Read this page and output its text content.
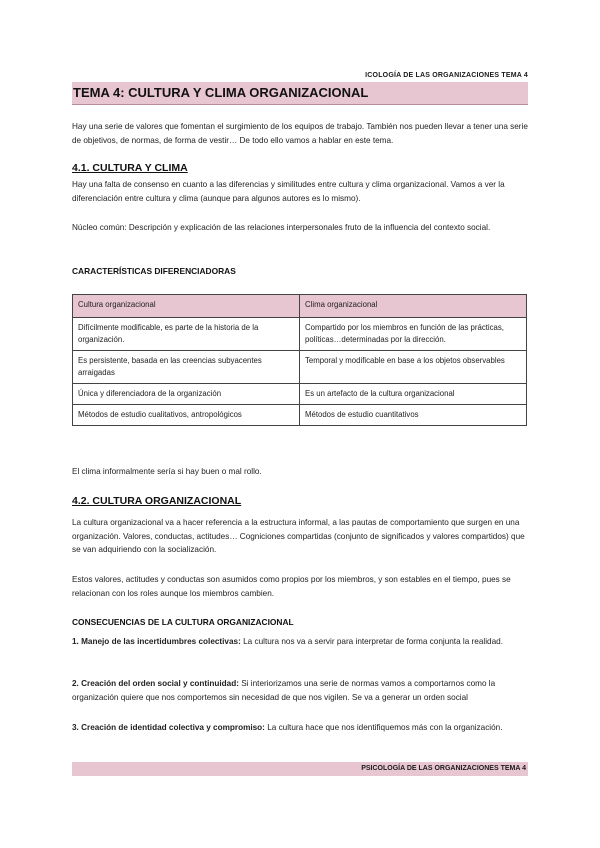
ICOLOGÍA DE LAS ORGANIZACIONES TEMA 4
TEMA 4: CULTURA Y CLIMA ORGANIZACIONAL

Hay una serie de valores que fomentan el surgimiento de los equipos de trabajo. También nos pueden llevar a tener una serie de objetivos, de normas, de forma de vestir… De todo ello vamos a hablar en este tema.

4.1. CULTURA Y CLIMA

Hay una falta de consenso en cuanto a las diferencias y similitudes entre cultura y clima organizacional. Vamos a ver la diferenciación entre cultura y clima (aunque para algunos autores es lo mismo).

Núcleo común: Descripción y explicación de las relaciones interpersonales fruto de la influencia del contexto social.

CARACTERÍSTICAS DIFERENCIADORAS
Cultura organizacional	Clima organizacional
Difícilmente modificable, es parte de la historia de la organización.	Compartido por los miembros en función de las prácticas, políticas…determinadas por la dirección.
Es persistente, basada en las creencias subyacentes arraigadas	Temporal y modificable en base a los objetos observables
Única y diferenciadora de la organización	Es un artefacto de la cultura organizacional
Métodos de estudio cualitativos, antropológicos	Métodos de estudio cuantitativos

El clima informalmente sería si hay buen o mal rollo.

4.2. CULTURA ORGANIZACIONAL

La cultura organizacional va a hacer referencia a la estructura informal, a las pautas de comportamiento que surgen en una organización. Valores, conductas, actitudes… Cogniciones compartidas (conjunto de significados y valores compartidos) que se van adquiriendo con la socialización.

Estos valores, actitudes y conductas son asumidos como propios por los miembros, y son estables en el tiempo, pues se relacionan con los roles aunque los miembros cambien.

CONSECUENCIAS DE LA CULTURA ORGANIZACIONAL

1. Manejo de las incertidumbres colectivas: La cultura nos va a servir para interpretar de forma conjunta la realidad.

2. Creación del orden social y continuidad: Si interiorizamos una serie de normas vamos a comportarnos como la organización quiere que nos comportemos sin necesidad de que nos vigilen. Se va a generar un orden social

3. Creación de identidad colectiva y compromiso: La cultura hace que nos identifiquemos más con la organización.

PSICOLOGÍA DE LAS ORGANIZACIONES TEMA 4
